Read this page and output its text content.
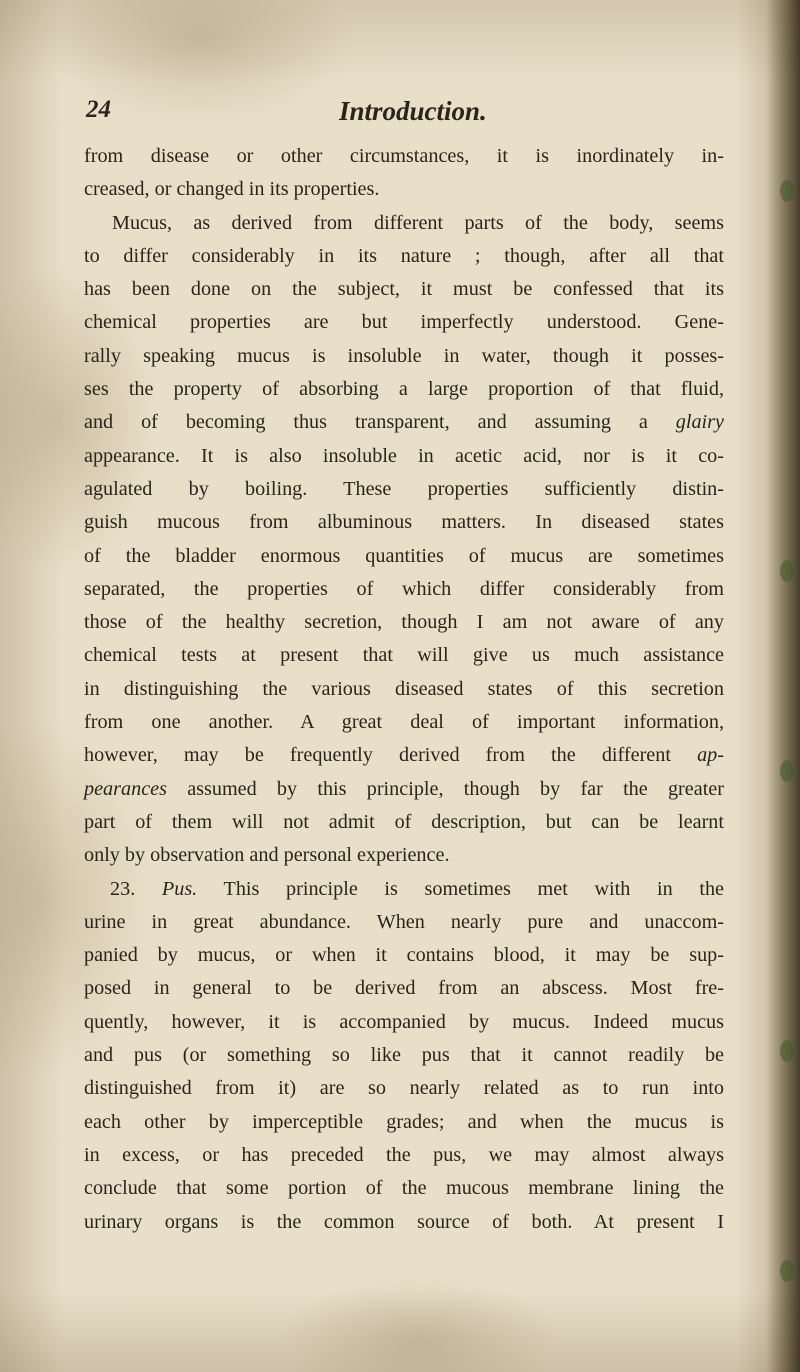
24	Introduction.
from disease or other circumstances, it is inordinately in-
creased, or changed in its properties.
Mucus, as derived from different parts of the body, seems
to differ considerably in its nature ; though, after all that
has been done on the subject, it must be confessed that its
chemical properties are but imperfectly understood. Gene-
rally speaking mucus is insoluble in water, though it posses-
ses the property of absorbing a large proportion of that fluid,
and of becoming thus transparent, and assuming a glairy
appearance. It is also insoluble in acetic acid, nor is it co-
agulated by boiling. These properties sufficiently distin-
guish mucous from albuminous matters. In diseased states
of the bladder enormous quantities of mucus are sometimes
separated, the properties of which differ considerably from
those of the healthy secretion, though I am not aware of any
chemical tests at present that will give us much assistance
in distinguishing the various diseased states of this secretion
from one another. A great deal of important information,
however, may be frequently derived from the different ap-
pearances assumed by this principle, though by far the greater
part of them will not admit of description, but can be learnt
only by observation and personal experience.
23. Pus. This principle is sometimes met with in the
urine in great abundance. When nearly pure and unaccom-
panied by mucus, or when it contains blood, it may be sup-
posed in general to be derived from an abscess. Most fre-
quently, however, it is accompanied by mucus. Indeed mucus
and pus (or something so like pus that it cannot readily be
distinguished from it) are so nearly related as to run into
each other by imperceptible grades; and when the mucus is
in excess, or has preceded the pus, we may almost always
conclude that some portion of the mucous membrane lining the
urinary organs is the common source of both. At present I
